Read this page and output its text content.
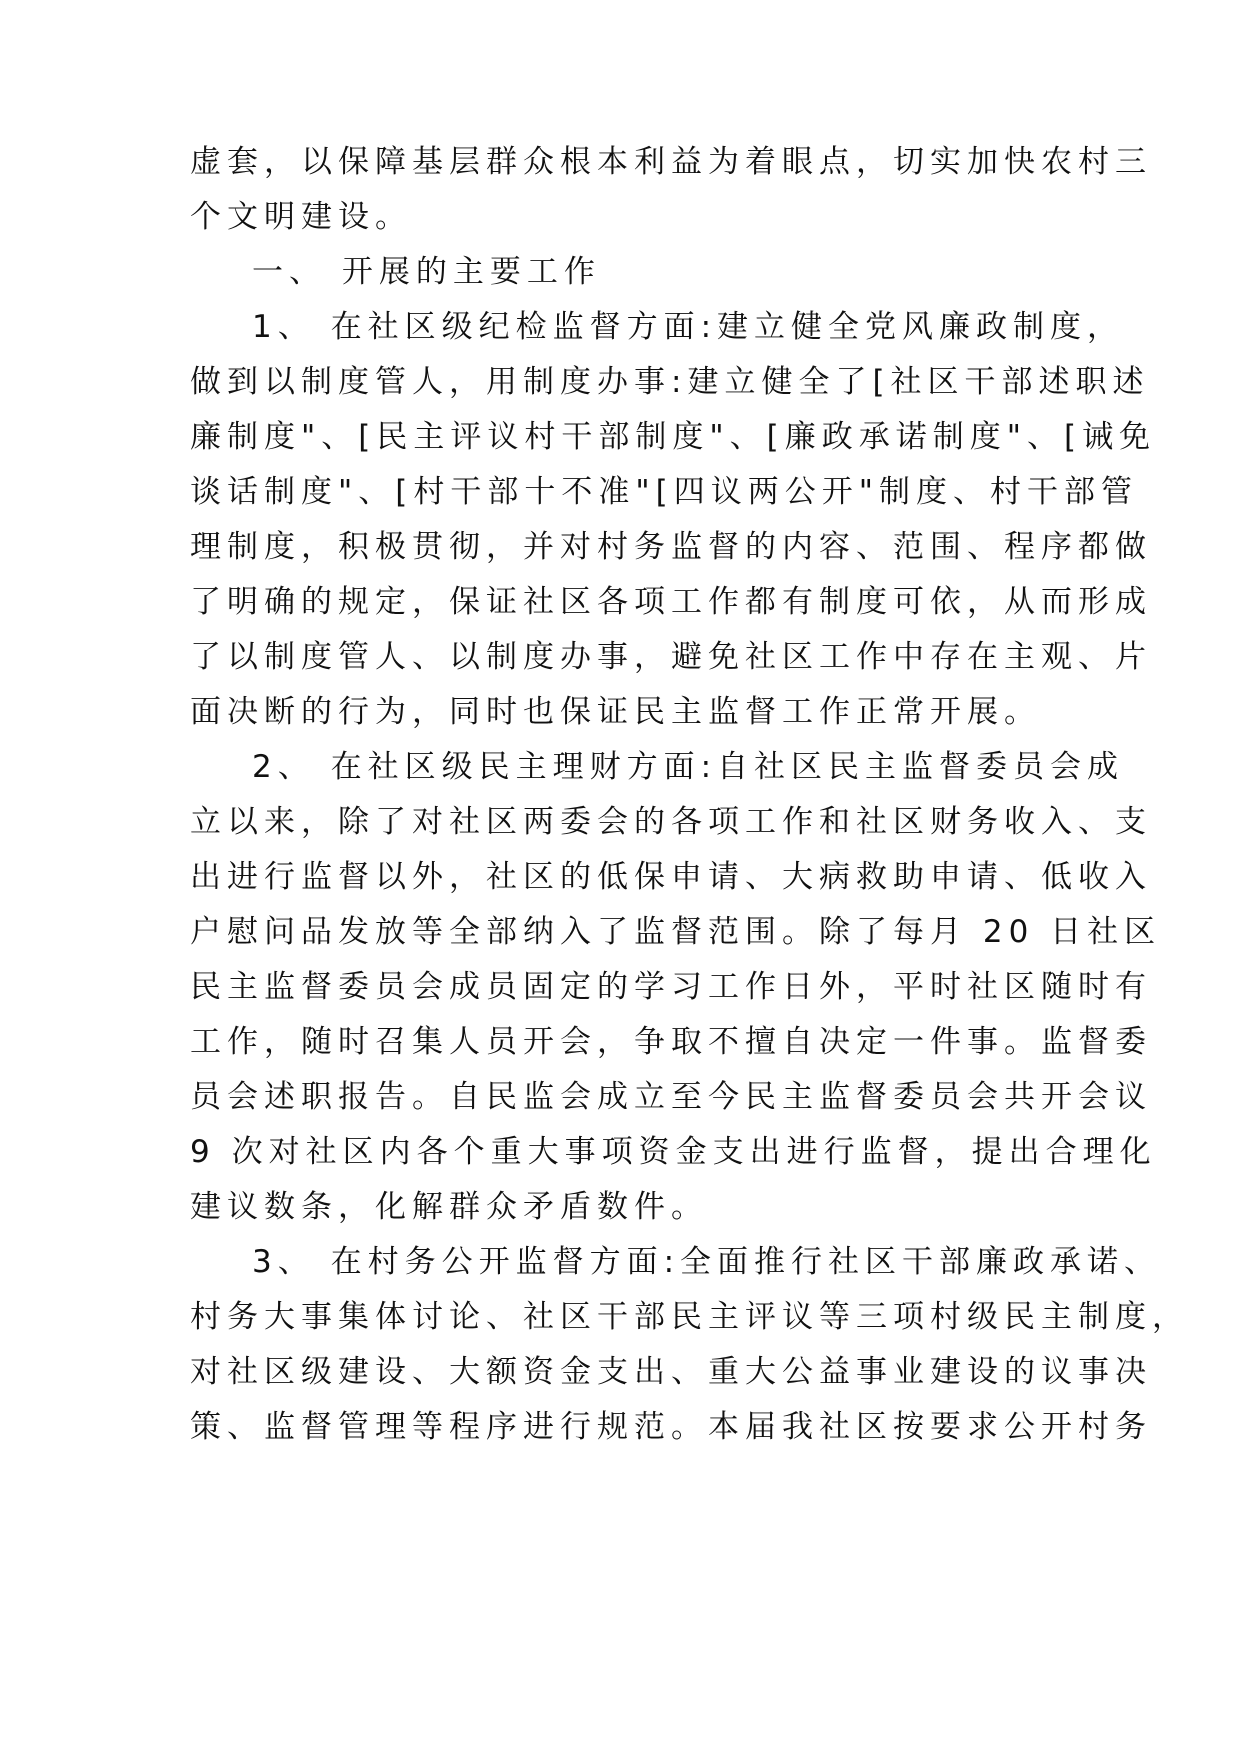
虚套，以保障基层群众根本利益为着眼点，切实加快农村三
个文明建设。
一、 开展的主要工作
1、 在社区级纪检监督方面:建立健全党风廉政制度，
做到以制度管人，用制度办事:建立健全了[社区干部述职述
廉制度"、[民主评议村干部制度"、[廉政承诺制度"、[诫免
谈话制度"、[村干部十不准"[四议两公开"制度、村干部管
理制度，积极贯彻，并对村务监督的内容、范围、程序都做
了明确的规定，保证社区各项工作都有制度可依，从而形成
了以制度管人、以制度办事，避免社区工作中存在主观、片
面决断的行为，同时也保证民主监督工作正常开展。
2、 在社区级民主理财方面:自社区民主监督委员会成
立以来，除了对社区两委会的各项工作和社区财务收入、支
出进行监督以外，社区的低保申请、大病救助申请、低收入
户慰问品发放等全部纳入了监督范围。除了每月 20 日社区
民主监督委员会成员固定的学习工作日外，平时社区随时有
工作，随时召集人员开会，争取不擅自决定一件事。监督委
员会述职报告。自民监会成立至今民主监督委员会共开会议
9 次对社区内各个重大事项资金支出进行监督，提出合理化
建议数条，化解群众矛盾数件。
3、 在村务公开监督方面:全面推行社区干部廉政承诺、
村务大事集体讨论、社区干部民主评议等三项村级民主制度，
对社区级建设、大额资金支出、重大公益事业建设的议事决
策、监督管理等程序进行规范。本届我社区按要求公开村务
